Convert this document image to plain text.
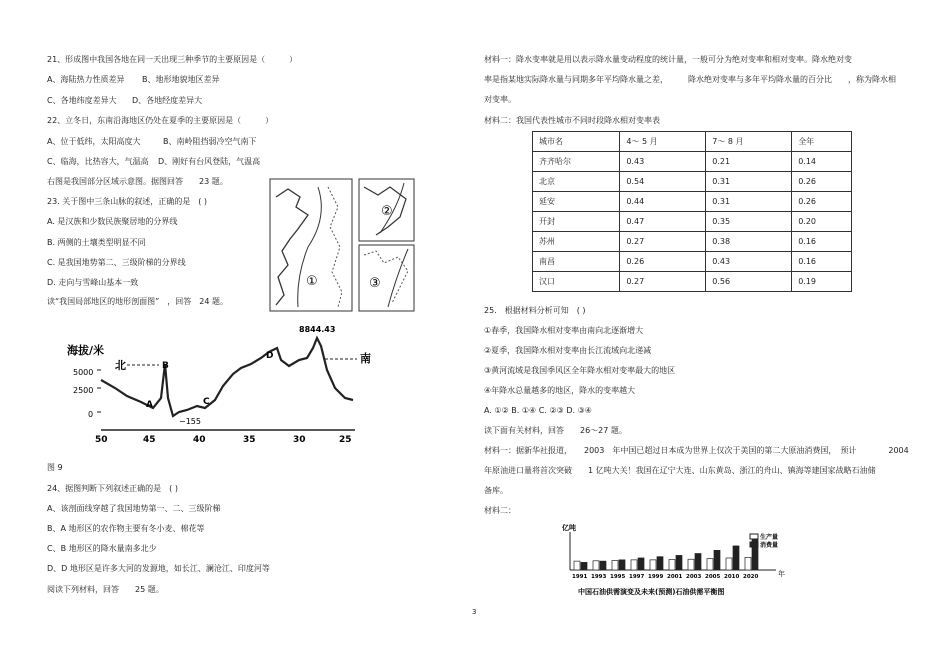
21、形成图中我国各地在同一天出现三种季节的主要原因是（　　　）
A、海陆热力性质差异 B、地形地貌地区差异
C、各地纬度差异大 D、各地经度差异大
22、立冬日，东南沿海地区仍处在夏季的主要原因是（　　　）
A、位于低纬，太阳高度大	B、南岭阻挡弱冷空气南下
C、临海，比热容大，气温高 D、刚好有台风登陆，气温高
右图是我国部分区域示意图。据图回答　　23 题。
23. 关于图中三条山脉的叙述，正确的是　( )
A. 是汉族和少数民族聚居地的分界线
B. 两侧的土壤类型明显不同
C. 是我国地势第二、三级阶梯的分界线
D. 走向与雪峰山基本一致
读“我国局部地区的地形剖面图”　，回答　24 题。
①
②
③
海拔/米
北
南
8844.43
5000
2500
0
A
B
C
D
−155
50	45	40	35	30	25
图 9
24、据图判断下列叙述正确的是　( )
A、该剖面线穿越了我国地势第一、二、三级阶梯
B、A 地形区的农作物主要有冬小麦、棉花等
C、B 地形区的降水量南多北少
D、D 地形区是许多大河的发源地，如长江、澜沧江、印度河等
阅读下列材料，回答　　25 题。
材料一：降水变率就是用以表示降水量变动程度的统计量，一般可分为绝对变率和相对变率。降水绝对变
率是指某地实际降水量与同期多年平均降水量之差，　　　降水绝对变率与多年平均降水量的百分比　　，称为降水相
对变率。
材料二：我国代表性城市不同时段降水相对变率表
城市名	4～ 5 月	7～ 8 月	全年
齐齐哈尔	0.43	0.21	0.14
北京	0.54	0.31	0.26
延安	0.44	0.31	0.26
开封	0.47	0.35	0.20
苏州	0.27	0.38	0.16
南昌	0.26	0.43	0.16
汉口	0.27	0.56	0.19
25.　根据材料分析可知　( )
①春季，我国降水相对变率由南向北逐渐增大
②夏季，我国降水相对变率由长江流域向北递减
③黄河流域是我国季风区全年降水相对变率最大的地区
④年降水总量越多的地区，降水的变率越大
A. ①② B. ①④ C. ②③ D. ③④
读下面有关材料，回答　　26～27 题。
材料一：据新华社报道，　　2003　年中国已超过日本成为世界上仅次于美国的第二大原油消费国，　预计　　　　2004
年原油进口量将首次突破　　1 亿吨大关！我国在辽宁大连、山东黄岛、浙江的舟山、镇海等建国家战略石油储
备库。
材料二：
亿吨
1991 1993 1995 1997 1999 2001 2003 2005 2010 2020	年
生产量
消费量
中国石油供需演变及未来(预测)石油供需平衡图
3
